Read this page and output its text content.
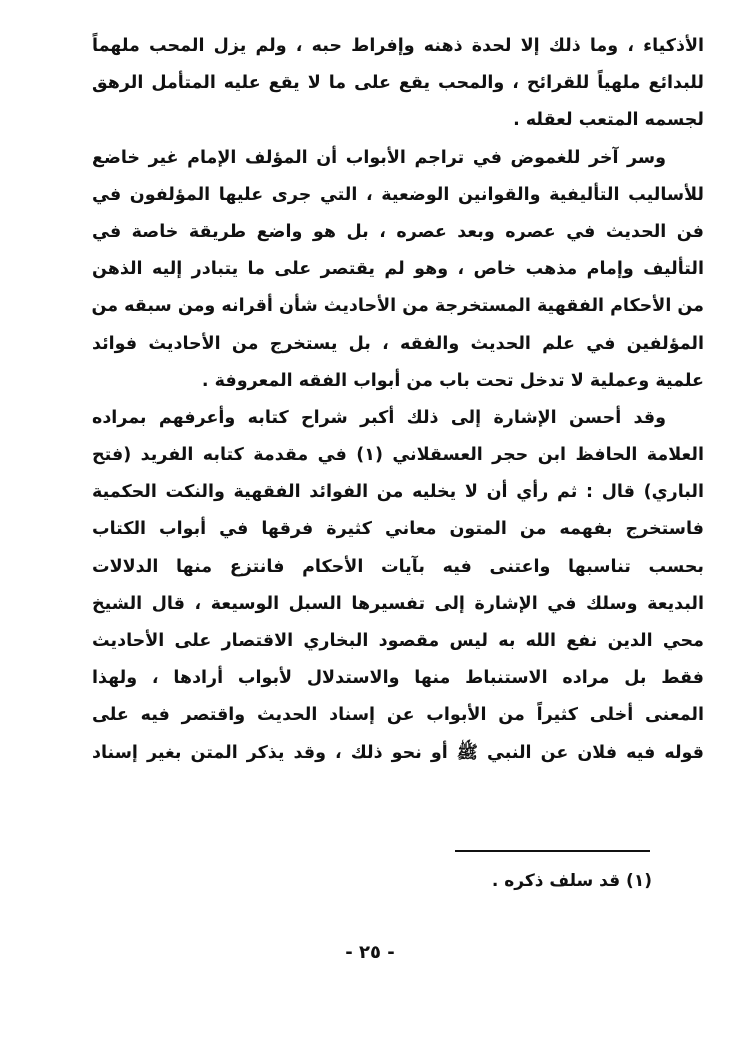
الأذكياء ، وما ذلك إلا لحدة ذهنه وإفراط حبه ، ولم يزل المحب ملهماً
للبدائع ملهياً للقرائح ، والمحب يقع على ما لا يقع عليه المتأمل الرهق
لجسمه المتعب لعقله .
وسر آخر للغموض في تراجم الأبواب أن المؤلف الإمام غير خاضع
للأساليب التأليفية والقوانين الوضعية ، التي جرى عليها المؤلفون في
فن الحديث في عصره وبعد عصره ، بل هو واضع طريقة خاصة في
التأليف وإمام مذهب خاص ، وهو لم يقتصر على ما يتبادر إليه الذهن
من الأحكام الفقهية المستخرجة من الأحاديث شأن أقرانه ومن سبقه من
المؤلفين في علم الحديث والفقه ، بل يستخرج من الأحاديث فوائد
علمية وعملية لا تدخل تحت باب من أبواب الفقه المعروفة .
وقد أحسن الإشارة إلى ذلك أكبر شراح كتابه وأعرفهم بمراده
العلامة الحافظ ابن حجر العسقلاني (١) في مقدمة كتابه الفريد (فتح
الباري) قال : ثم رأي أن لا يخليه من الفوائد الفقهية والنكت الحكمية
فاستخرج بفهمه من المتون معاني كثيرة فرقها في أبواب الكتاب
بحسب تناسبها واعتنى فيه بآيات الأحكام فانتزع منها الدلالات
البديعة وسلك في الإشارة إلى تفسيرها السبل الوسيعة ، قال الشيخ
محي الدين نفع الله به ليس مقصود البخاري الاقتصار على الأحاديث
فقط بل مراده الاستنباط منها والاستدلال لأبواب أرادها ، ولهذا
المعنى أخلى كثيراً من الأبواب عن إسناد الحديث واقتصر فيه على
قوله فيه فلان عن النبي ﷺ أو نحو ذلك ، وقد يذكر المتن بغير إسناد
(١) قد سلف ذكره .
- ٢٥ -
